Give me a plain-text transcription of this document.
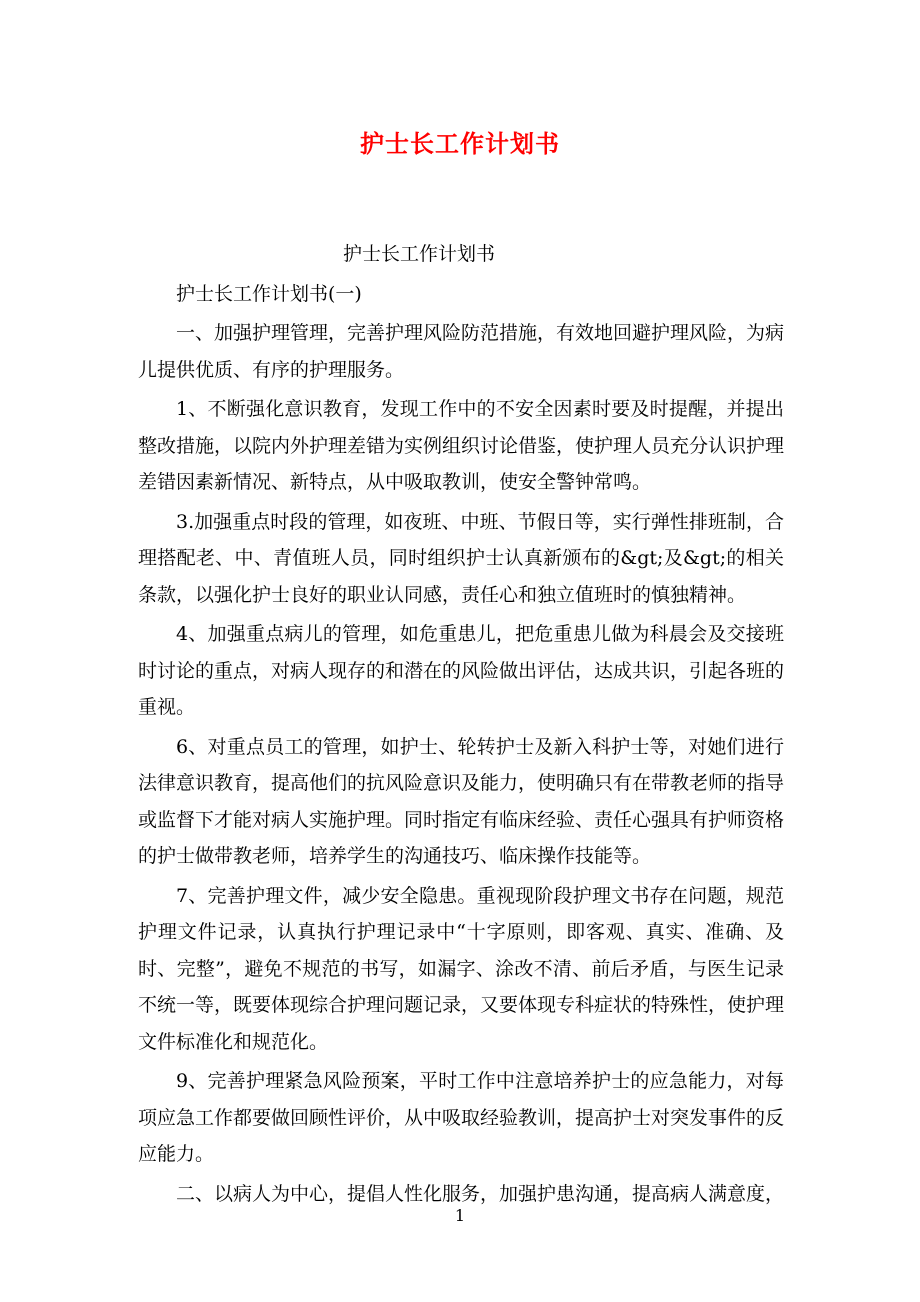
护士长工作计划书

护士长工作计划书

护士长工作计划书(一)

一、加强护理管理，完善护理风险防范措施，有效地回避护理风险，为病儿提供优质、有序的护理服务。

1、不断强化意识教育，发现工作中的不安全因素时要及时提醒，并提出整改措施，以院内外护理差错为实例组织讨论借鉴，使护理人员充分认识护理差错因素新情况、新特点，从中吸取教训，使安全警钟常鸣。

3.加强重点时段的管理，如夜班、中班、节假日等，实行弹性排班制，合理搭配老、中、青值班人员，同时组织护士认真新颁布的&gt;及&gt;的相关条款，以强化护士良好的职业认同感，责任心和独立值班时的慎独精神。

4、加强重点病儿的管理，如危重患儿，把危重患儿做为科晨会及交接班时讨论的重点，对病人现存的和潜在的风险做出评估，达成共识，引起各班的重视。

6、对重点员工的管理，如护士、轮转护士及新入科护士等，对她们进行法律意识教育，提高他们的抗风险意识及能力，使明确只有在带教老师的指导或监督下才能对病人实施护理。同时指定有临床经验、责任心强具有护师资格的护士做带教老师，培养学生的沟通技巧、临床操作技能等。

7、完善护理文件，减少安全隐患。重视现阶段护理文书存在问题，规范护理文件记录，认真执行护理记录中“十字原则，即客观、真实、准确、及时、完整”，避免不规范的书写，如漏字、涂改不清、前后矛盾，与医生记录不统一等，既要体现综合护理问题记录，又要体现专科症状的特殊性，使护理文件标准化和规范化。

9、完善护理紧急风险预案，平时工作中注意培养护士的应急能力，对每项应急工作都要做回顾性评价，从中吸取经验教训，提高护士对突发事件的反应能力。

二、以病人为中心，提倡人性化服务，加强护患沟通，提高病人满意度，

1
